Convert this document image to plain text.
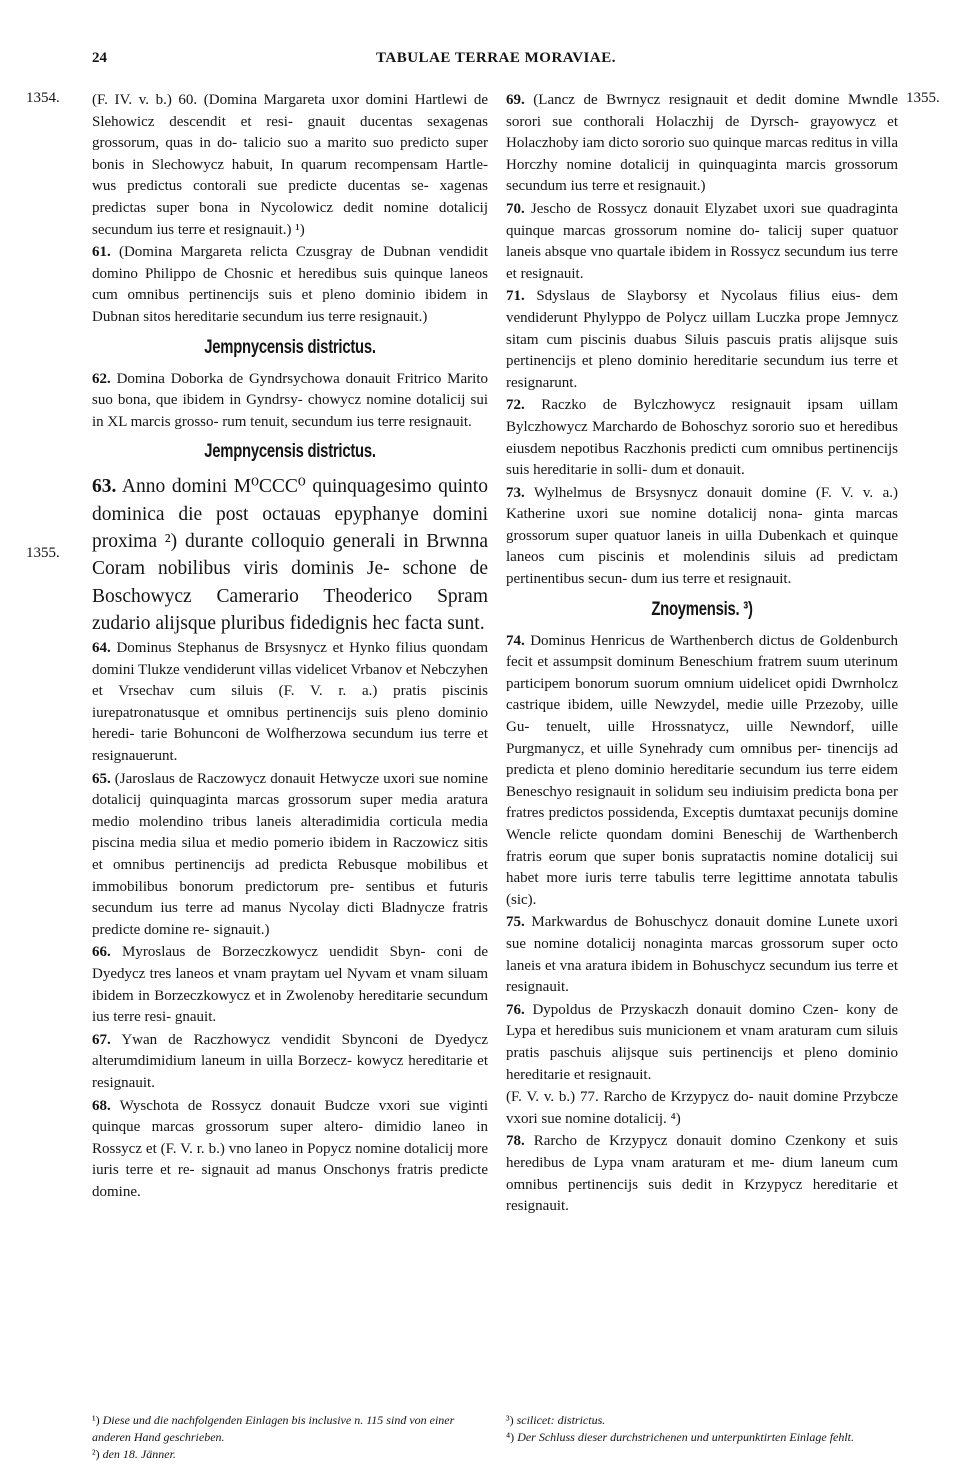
24	TABULAE TERRAE MORAVIAE.
1354.
1355.
1355.

(F. IV. v. b.) 60. (Domina Margareta uxor domini Hartlewi de Slehowicz descendit et resi- gnauit ducentas sexagenas grossorum, quas in do- talicio suo a marito suo predicto super bonis in Slechowycz habuit, In quarum recompensam Hartle- wus predictus contorali sue predicte ducentas se- xagenas predictas super bona in Nycolowicz dedit nomine dotalicij secundum ius terre et resignauit.) ¹)

61. (Domina Margareta relicta Czusgray de Dubnan vendidit domino Philippo de Chosnic et heredibus suis quinque laneos cum omnibus pertinencijs suis et pleno dominio ibidem in Dubnan sitos hereditarie secundum ius terre resignauit.)

Jempnycensis districtus.

62. Domina Doborka de Gyndrsychowa donauit Fritrico Marito suo bona, que ibidem in Gyndrsy- chowycz nomine dotalicij sui in XL marcis grosso- rum tenuit, secundum ius terre resignauit.

Jempnycensis districtus.

63. Anno domini M⁰CCC⁰ quinquagesimo quinto dominica die post octauas epyphanye domini proxima ²) durante colloquio generali in Brwnna Coram nobilibus viris dominis Je- schone de Boschowycz Camerario Theoderico Spram zudario alijsque pluribus fidedignis hec facta sunt.

64. Dominus Stephanus de Brsysnycz et Hynko filius quondam domini Tlukze vendiderunt villas videlicet Vrbanov et Nebczyhen et Vrsechav cum siluis (F. V. r. a.) pratis piscinis iurepatronatusque et omnibus pertinencijs suis pleno dominio heredi- tarie Bohunconi de Wolfherzowa secundum ius terre et resignauerunt.

65. (Jaroslaus de Raczowycz donauit Hetwycze uxori sue nomine dotalicij quinquaginta marcas grossorum super media aratura medio molendino tribus laneis alteradimidia corticula media piscina media silua et medio pomerio ibidem in Raczowicz sitis et omnibus pertinencijs ad predicta Rebusque mobilibus et immobilibus bonorum predictorum pre- sentibus et futuris secundum ius terre ad manus Nycolay dicti Bladnycze fratris predicte domine re- signauit.)

66. Myroslaus de Borzeczkowycz uendidit Sbyn- coni de Dyedycz tres laneos et vnam praytam uel Nyvam et vnam siluam ibidem in Borzeczkowycz et in Zwolenoby hereditarie secundum ius terre resi- gnauit.

67. Ywan de Raczhowycz vendidit Sbynconi de Dyedycz alterumdimidium laneum in uilla Borzecz- kowycz hereditarie et resignauit.

68. Wyschota de Rossycz donauit Budcze vxori sue viginti quinque marcas grossorum super altero- dimidio laneo in Rossycz et (F. V. r. b.) vno laneo in Popycz nomine dotalicij more iuris terre et re- signauit ad manus Onschonys fratris predicte domine.

69. (Lancz de Bwrnycz resignauit et dedit domine Mwndle sorori sue conthorali Holaczhij de Dyrsch- grayowycz et Holaczhoby iam dicto sororio suo quinque marcas reditus in villa Horczhy nomine dotalicij in quinquaginta marcis grossorum secundum ius terre et resignauit.)

70. Jescho de Rossycz donauit Elyzabet uxori sue quadraginta quinque marcas grossorum nomine do- talicij super quatuor laneis absque vno quartale ibidem in Rossycz secundum ius terre et resignauit.

71. Sdyslaus de Slayborsy et Nycolaus filius eius- dem vendiderunt Phylyppo de Polycz uillam Luczka prope Jemnycz sitam cum piscinis duabus Siluis pascuis pratis alijsque suis pertinencijs et pleno dominio hereditarie secundum ius terre et resignarunt.

72. Raczko de Bylczhowycz resignauit ipsam uillam Bylczhowycz Marchardo de Bohoschyz sororio suo et heredibus eiusdem nepotibus Raczhonis predicti cum omnibus pertinencijs suis hereditarie in solli- dum et donauit.

73. Wylhelmus de Brsysnycz donauit domine (F. V. v. a.) Katherine uxori sue nomine dotalicij nona- ginta marcas grossorum super quatuor laneis in uilla Dubenkach et quinque laneos cum piscinis et molendinis siluis ad predictam pertinentibus secun- dum ius terre et resignauit.

Znoymensis. ³)

74. Dominus Henricus de Warthenberch dictus de Goldenburch fecit et assumpsit dominum Beneschium fratrem suum uterinum participem bonorum suorum omnium uidelicet opidi Dwrnholcz castrique ibidem, uille Newzydel, medie uille Przezoby, uille Gu- tenuelt, uille Hrossnatycz, uille Newndorf, uille Purgmanycz, et uille Synehrady cum omnibus per- tinencijs ad predicta et pleno dominio hereditarie secundum ius terre eidem Beneschyo resignauit in solidum seu indiuisim predicta bona per fratres predictos possidenda, Exceptis dumtaxat pecunijs domine Wencle relicte quondam domini Beneschij de Warthenberch fratris eorum que super bonis supratactis nomine dotalicij sui habet more iuris terre tabulis terre legittime annotata tabulis (sic).

75. Markwardus de Bohuschycz donauit domine Lunete uxori sue nomine dotalicij nonaginta marcas grossorum super octo laneis et vna aratura ibidem in Bohuschycz secundum ius terre et resignauit.

76. Dypoldus de Przyskaczh donauit domino Czen- kony de Lypa et heredibus suis municionem et vnam araturam cum siluis pratis paschuis alijsque suis pertinencijs et pleno dominio hereditarie et resignauit.

(F. V. v. b.) 77. Rarcho de Krzypycz do- nauit domine Przybcze vxori sue nomine dotalicij. ⁴)

78. Rarcho de Krzypycz donauit domino Czenkony et suis heredibus de Lypa vnam araturam et me- dium laneum cum omnibus pertinencijs suis dedit in Krzypycz hereditarie et resignauit.

¹) Diese und die nachfolgenden Einlagen bis inclusive n. 115 sind von einer anderen Hand geschrieben.
²) den 18. Jänner.
³) scilicet: districtus.
⁴) Der Schluss dieser durchstrichenen und unterpunktirten Einlage fehlt.
